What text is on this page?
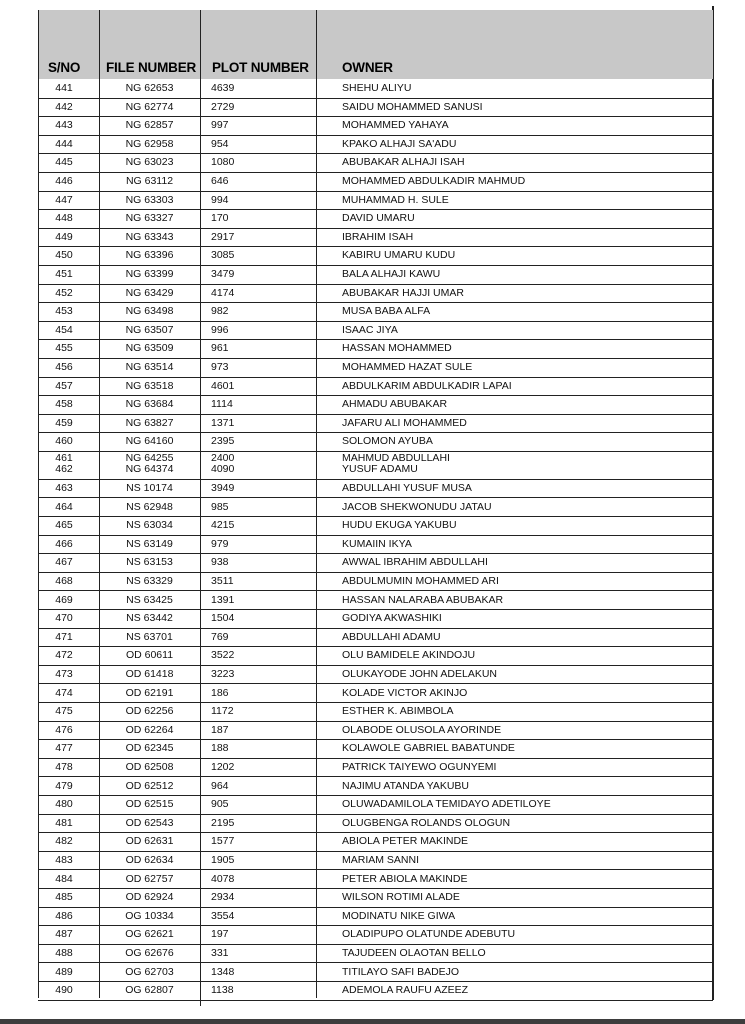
S/NO FILE NUMBER PLOT NUMBER OWNER
441	NG 62653	4639	SHEHU ALIYU
442	NG 62774	2729	SAIDU MOHAMMED SANUSI
443	NG 62857	997	MOHAMMED YAHAYA
444	NG 62958	954	KPAKO ALHAJI SA'ADU
445	NG 63023	1080	ABUBAKAR ALHAJI ISAH
446	NG 63112	646	MOHAMMED ABDULKADIR MAHMUD
447	NG 63303	994	MUHAMMAD H. SULE
448	NG 63327	170	DAVID UMARU
449	NG 63343	2917	IBRAHIM ISAH
450	NG 63396	3085	KABIRU UMARU KUDU
451	NG 63399	3479	BALA ALHAJI KAWU
452	NG 63429	4174	ABUBAKAR HAJJI UMAR
453	NG 63498	982	MUSA BABA ALFA
454	NG 63507	996	ISAAC JIYA
455	NG 63509	961	HASSAN MOHAMMED
456	NG 63514	973	MOHAMMED HAZAT SULE
457	NG 63518	4601	ABDULKARIM ABDULKADIR LAPAI
458	NG 63684	1114	AHMADU ABUBAKAR
459	NG 63827	1371	JAFARU ALI MOHAMMED
460	NG 64160	2395	SOLOMON AYUBA
461	NG 64255	2400	MAHMUD ABDULLAHI
462	NG 64374	4090	YUSUF ADAMU
463	NS 10174	3949	ABDULLAHI YUSUF MUSA
464	NS 62948	985	JACOB SHEKWONUDU JATAU
465	NS 63034	4215	HUDU EKUGA YAKUBU
466	NS 63149	979	KUMAIIN IKYA
467	NS 63153	938	AWWAL IBRAHIM ABDULLAHI
468	NS 63329	3511	ABDULMUMIN MOHAMMED ARI
469	NS 63425	1391	HASSAN NALARABA ABUBAKAR
470	NS 63442	1504	GODIYA AKWASHIKI
471	NS 63701	769	ABDULLAHI ADAMU
472	OD 60611	3522	OLU BAMIDELE AKINDOJU
473	OD 61418	3223	OLUKAYODE JOHN ADELAKUN
474	OD 62191	186	KOLADE VICTOR AKINJO
475	OD 62256	1172	ESTHER K. ABIMBOLA
476	OD 62264	187	OLABODE OLUSOLA AYORINDE
477	OD 62345	188	KOLAWOLE GABRIEL BABATUNDE
478	OD 62508	1202	PATRICK TAIYEWO OGUNYEMI
479	OD 62512	964	NAJIMU ATANDA YAKUBU
480	OD 62515	905	OLUWADAMILOLA TEMIDAYO ADETILOYE
481	OD 62543	2195	OLUGBENGA ROLANDS OLOGUN
482	OD 62631	1577	ABIOLA PETER MAKINDE
483	OD 62634	1905	MARIAM SANNI
484	OD 62757	4078	PETER ABIOLA MAKINDE
485	OD 62924	2934	WILSON ROTIMI ALADE
486	OG 10334	3554	MODINATU NIKE GIWA
487	OG 62621	197	OLADIPUPO OLATUNDE ADEBUTU
488	OG 62676	331	TAJUDEEN OLAOTAN BELLO
489	OG 62703	1348	TITILAYO SAFI BADEJO
490	OG 62807	1138	ADEMOLA RAUFU AZEEZ
